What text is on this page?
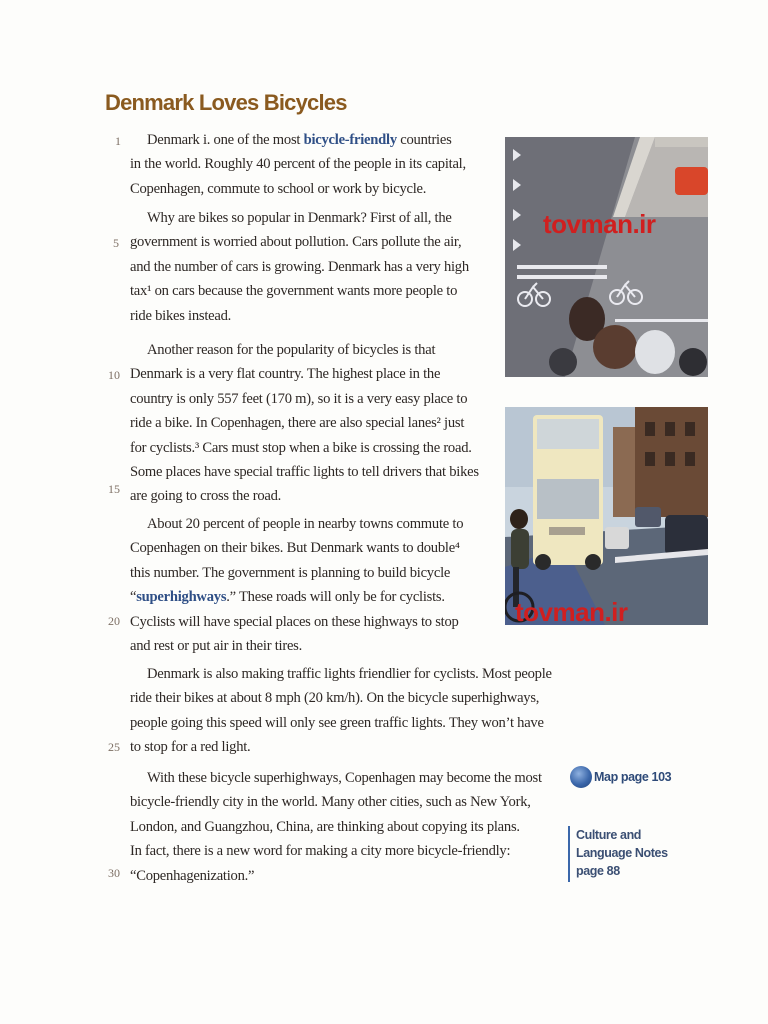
Denmark Loves Bicycles
Denmark i. one of the most bicycle-friendly countries
in the world. Roughly 40 percent of the people in its capital,
Copenhagen, commute to school or work by bicycle.
Why are bikes so popular in Denmark? First of all, the
government is worried about pollution. Cars pollute the air,
and the number of cars is growing. Denmark has a very high
tax¹ on cars because the government wants more people to
ride bikes instead.
Another reason for the popularity of bicycles is that
Denmark is a very flat country. The highest place in the
country is only 557 feet (170 m), so it is a very easy place to
ride a bike. In Copenhagen, there are also special lanes² just
for cyclists.³ Cars must stop when a bike is crossing the road.
Some places have special traffic lights to tell drivers that bikes
are going to cross the road.
About 20 percent of people in nearby towns commute to
Copenhagen on their bikes. But Denmark wants to double⁴
this number. The government is planning to build bicycle
“superhighways.” These roads will only be for cyclists.
Cyclists will have special places on these highways to stop
and rest or put air in their tires.
Denmark is also making traffic lights friendlier for cyclists. Most people
ride their bikes at about 8 mph (20 km/h). On the bicycle superhighways,
people going this speed will only see green traffic lights. They won’t have
to stop for a red light.
With these bicycle superhighways, Copenhagen may become the most
bicycle-friendly city in the world. Many other cities, such as New York,
London, and Guangzhou, China, are thinking about copying its plans.
In fact, there is a new word for making a city more bicycle-friendly:
“Copenhagenization.”
1
5
10
15
20
25
30
tovman.ir
tovman.ir
Map page 103
Culture and
Language Notes
page 88
